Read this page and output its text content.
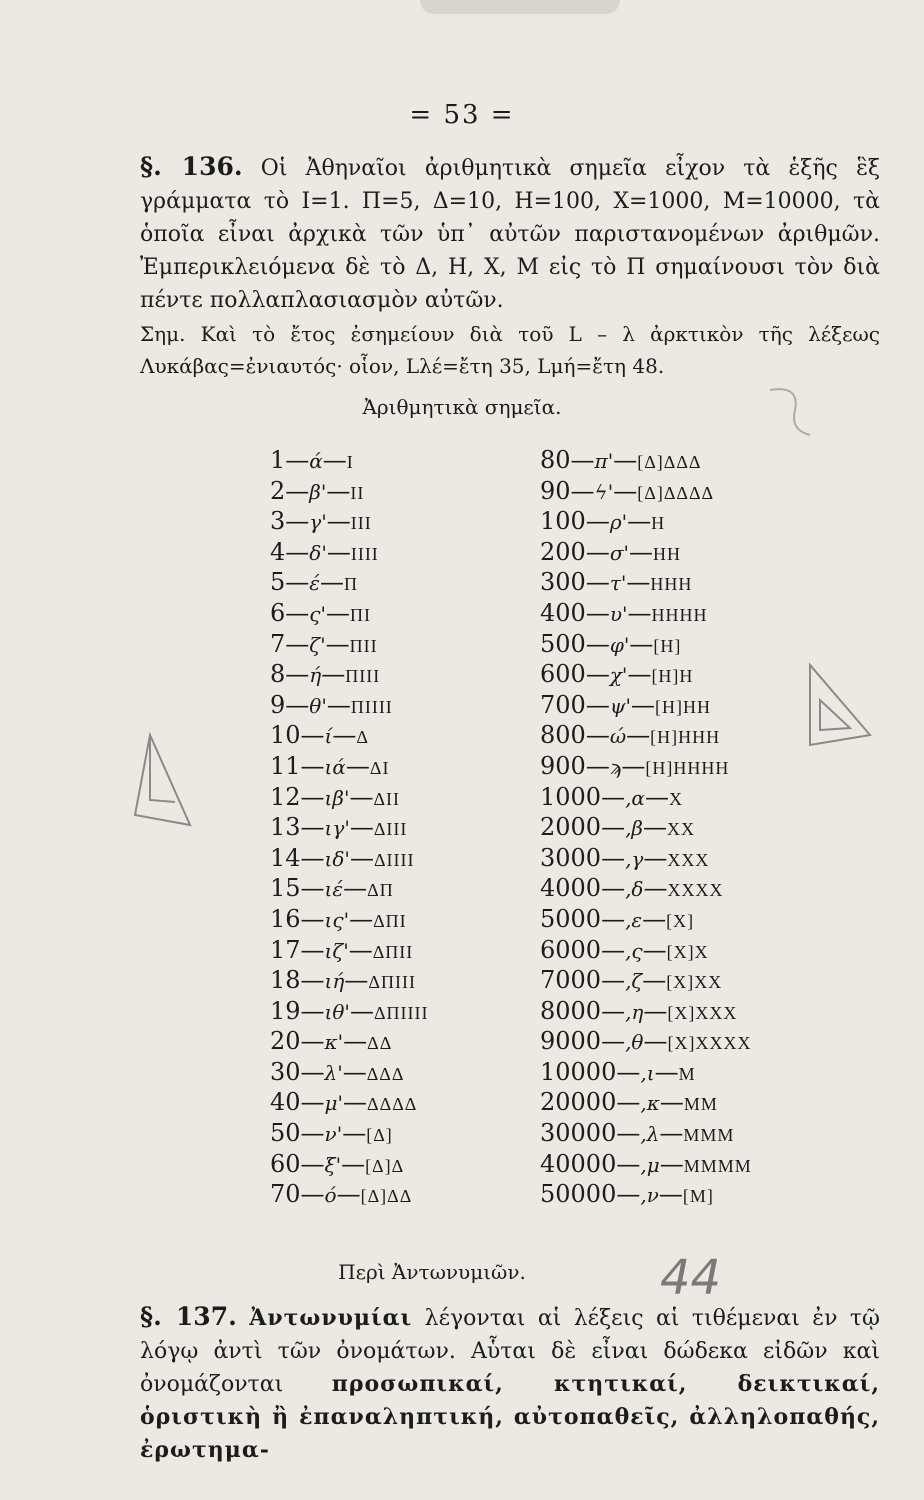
= 53 =
§. 136. Οἱ Ἀθηναῖοι ἀριθμητικὰ σημεῖα εἶχον τὰ ἑξῆς ἓξ γράμματα τὸ Ι=1. Π=5, Δ=10, Η=100, Χ=1000, Μ=10000, τὰ ὁποῖα εἶναι ἀρχικὰ τῶν ὑπ᾿ αὐτῶν παριστανομένων ἀριθμῶν. Ἐμπερικλειόμενα δὲ τὸ Δ, Η, Χ, Μ εἰς τὸ Π σημαίνουσι τὸν διὰ πέντε πολλαπλασιασμὸν αὐτῶν.
Σημ. Καὶ τὸ ἔτος ἐσημείουν διὰ τοῦ L – λ ἀρκτικὸν τῆς λέξεως Λυκάβας=ἐνιαυτός· οἷον, Lλέ=ἔτη 35, Lμή=ἔτη 48.
Ἀριθμητικὰ σημεῖα.
1—ά—Ι
2—β'—ΙΙ
3—γ'—ΙΙΙ
4—δ'—ΙΙΙΙ
5—έ—Π
6—ς'—ΠΙ
7—ζ'—ΠΙΙ
8—ή—ΠΙΙΙ
9—θ'—ΠΙΙΙΙ
10—ί—Δ
11—ιά—ΔΙ
12—ιβ'—ΔΙΙ
13—ιγ'—ΔΙΙΙ
14—ιδ'—ΔΙΙΙΙ
15—ιέ—ΔΠ
16—ις'—ΔΠΙ
17—ιζ'—ΔΠΙΙ
18—ιή—ΔΠΙΙΙ
19—ιθ'—ΔΠΙΙΙΙ
20—κ'—ΔΔ
30—λ'—ΔΔΔ
40—μ'—ΔΔΔΔ
50—ν'—[Δ]
60—ξ'—[Δ]Δ
70—ό—[Δ]ΔΔ
80—π'—[Δ]ΔΔΔ
90—ϟ'—[Δ]ΔΔΔΔ
100—ρ'—Η
200—σ'—ΗΗ
300—τ'—ΗΗΗ
400—υ'—ΗΗΗΗ
500—φ'—[Η]
600—χ'—[Η]Η
700—ψ'—[Η]ΗΗ
800—ώ—[Η]ΗΗΗ
900—ϡ—[Η]ΗΗΗΗ
1000—,α—Χ
2000—,β—ΧΧ
3000—,γ—ΧΧΧ
4000—,δ—ΧΧΧΧ
5000—,ε—[Χ]
6000—,ς—[Χ]Χ
7000—,ζ—[Χ]ΧΧ
8000—,η—[Χ]ΧΧΧ
9000—,θ—[Χ]ΧΧΧΧ
10000—,ι—Μ
20000—,κ—ΜΜ
30000—,λ—ΜΜΜ
40000—,μ—ΜΜΜΜ
50000—,ν—[Μ]
Περὶ Ἀντωνυμιῶν.	44
§. 137. Ἀντωνυμίαι λέγονται αἱ λέξεις αἱ τιθέμεναι ἐν τῷ λόγῳ ἀντὶ τῶν ὀνομάτων. Αὗται δὲ εἶναι δώδεκα εἰδῶν καὶ ὀνομάζονται προσωπικαί, κτητικαί, δεικτικαί, ὁριστικὴ ἢ ἐπαναληπτική, αὐτοπαθεῖς, ἀλληλοπαθής, ἐρωτημα-
